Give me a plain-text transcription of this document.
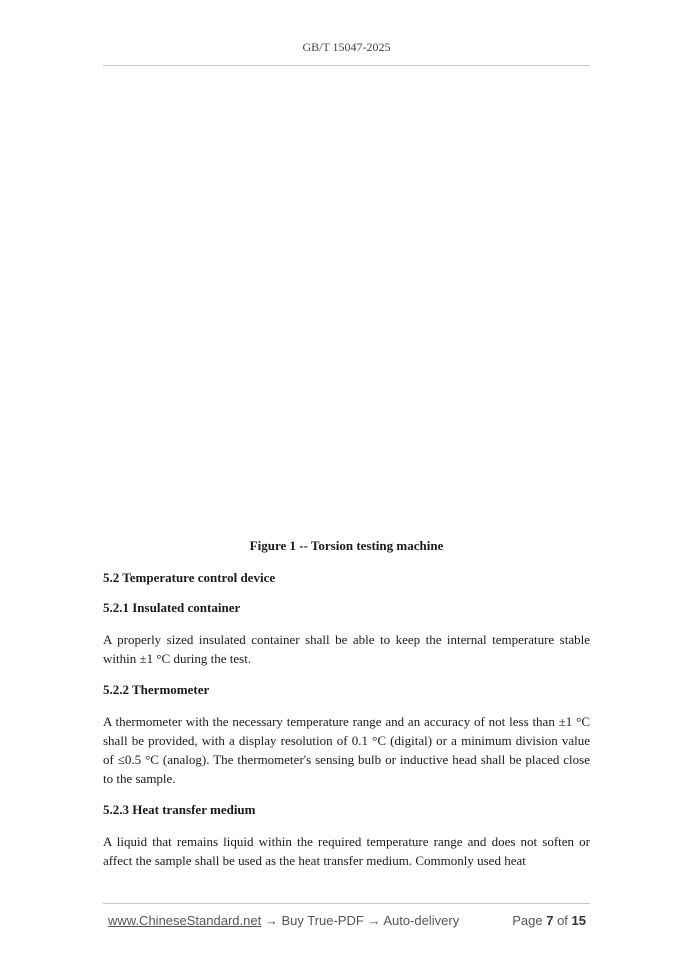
GB/T 15047-2025
Figure 1 -- Torsion testing machine
5.2 Temperature control device
5.2.1 Insulated container
A properly sized insulated container shall be able to keep the internal temperature stable within ±1 °C during the test.
5.2.2 Thermometer
A thermometer with the necessary temperature range and an accuracy of not less than ±1 °C shall be provided, with a display resolution of 0.1 °C (digital) or a minimum division value of ≤0.5 °C (analog). The thermometer's sensing bulb or inductive head shall be placed close to the sample.
5.2.3 Heat transfer medium
A liquid that remains liquid within the required temperature range and does not soften or affect the sample shall be used as the heat transfer medium. Commonly used heat
www.ChineseStandard.net → Buy True-PDF → Auto-delivery	Page 7 of 15
